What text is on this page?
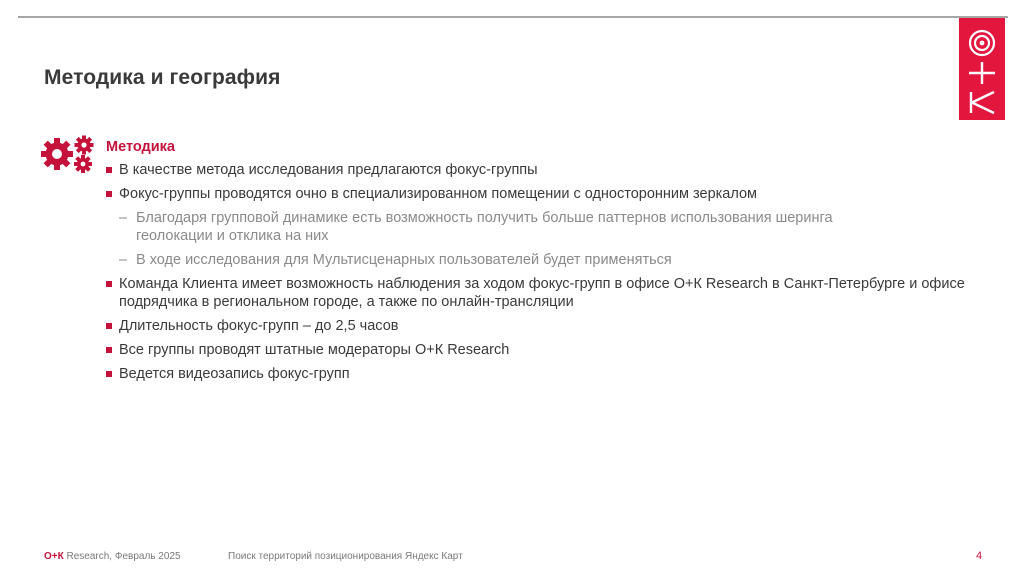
Методика и география
Методика
В качестве метода исследования предлагаются фокус-группы
Фокус-группы проводятся очно в специализированном помещении с односторонним зеркалом
– Благодаря групповой динамике есть возможность получить больше паттернов использования шеринга геолокации и отклика на них
– В ходе исследования для Мультисценарных пользователей будет применяться
Команда Клиента имеет возможность наблюдения за ходом фокус-групп в офисе О+К Research в Санкт-Петербурге и офисе подрядчика в региональном городе, а также по онлайн-трансляции
Длительность фокус-групп – до 2,5 часов
Все группы проводят штатные модераторы О+К Research
Ведется видеозапись фокус-групп
О+К Research, Февраль 2025	Поиск территорий позиционирования Яндекс Карт	4
